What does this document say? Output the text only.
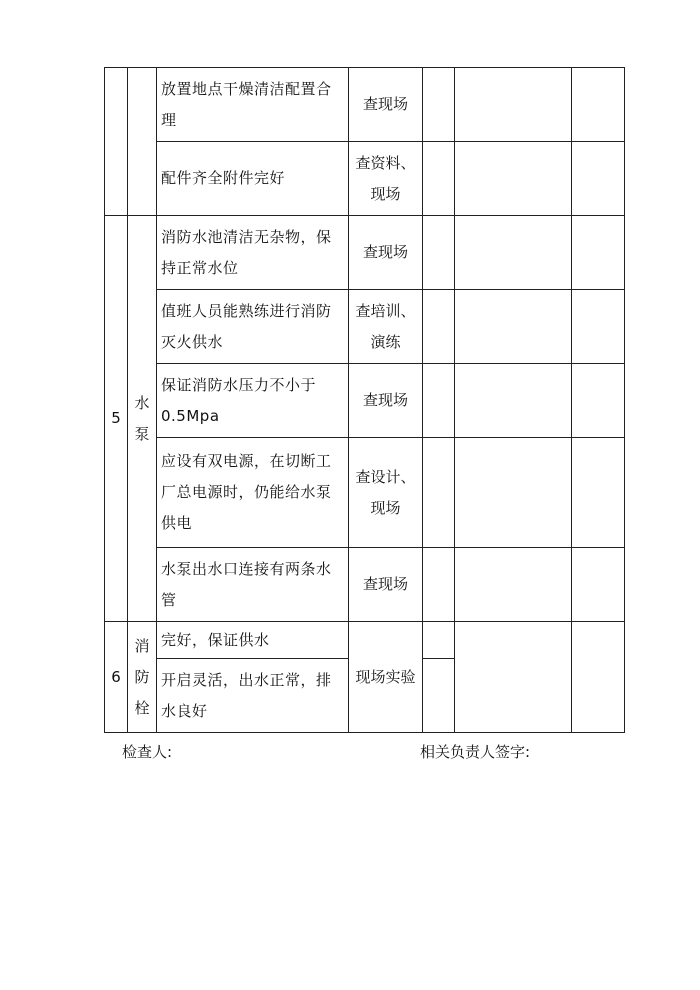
		放置地点干燥清洁配置合理	查现场			
		配件齐全附件完好	查资料、现场			
5	水泵	消防水池清洁无杂物，保持正常水位	查现场			
		值班人员能熟练进行消防灭火供水	查培训、演练			
		保证消防水压力不小于0.5Mpa	查现场			
		应设有双电源，在切断工厂总电源时，仍能给水泵供电	查设计、现场			
		水泵出水口连接有两条水管	查现场			
6	消防栓	完好，保证供水	现场实验			
		开启灵活，出水正常，排水良好				
检查人:	相关负责人签字:
